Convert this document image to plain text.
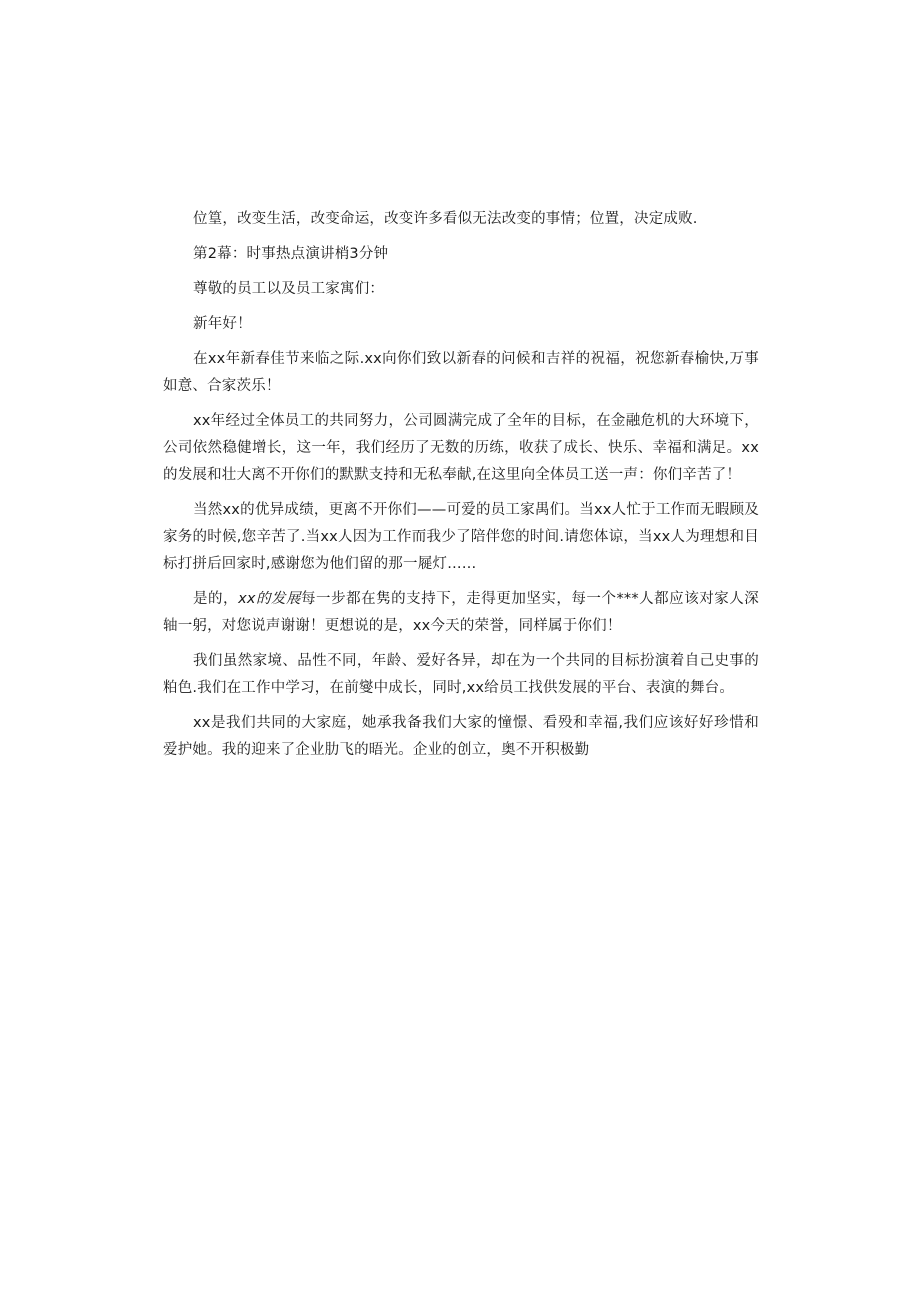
位篁，改变生活，改变命运，改变许多看似无法改变的事情；位置，决定成败.

第2幕：时事热点演讲梢3分钟

尊敬的员工以及员工家寓们：

新年好！

在xx年新春佳节来临之际.xx向你们致以新春的问候和吉祥的祝福，祝您新春榆快,万事如意、合家茨乐！

xx年经过全体员工的共同努力，公司圆满完成了全年的目标，在金融危机的大环境下，公司依然稳健增长，这一年，我们经历了无数的历练，收获了成长、快乐、幸福和满足。xx的发展和壮大离不开你们的默默支持和无私奉献,在这里向全体员工送一声：你们辛苦了！

当然xx的优异成绩，更离不开你们——可爱的员工家禺们。当xx人忙于工作而无暇顾及家务的时候,您辛苦了.当xx人因为工作而我少了陪伴您的时间.请您体谅，当xx人为理想和目标打拼后回家时,感谢您为他们留的那一屣灯……

是的，xx的发展每一步都在隽的支持下，走得更加坚实，每一个***人都应该对家人深轴一躬，对您说声谢谢！更想说的是，xx今天的荣誉，同样属于你们！

我们虽然家境、品性不同，年龄、爱好各异，却在为一个共同的目标扮演着自己史事的粕色.我们在工作中学习，在前燮中成长，同时,xx给员工找供发展的平台、表演的舞台。

xx是我们共同的大家庭，她承我备我们大家的憧憬、看殁和幸福,我们应该好好珍惜和爱护她。我的迎来了企业肋飞的晤光。企业的创立，奥不开积极勤
